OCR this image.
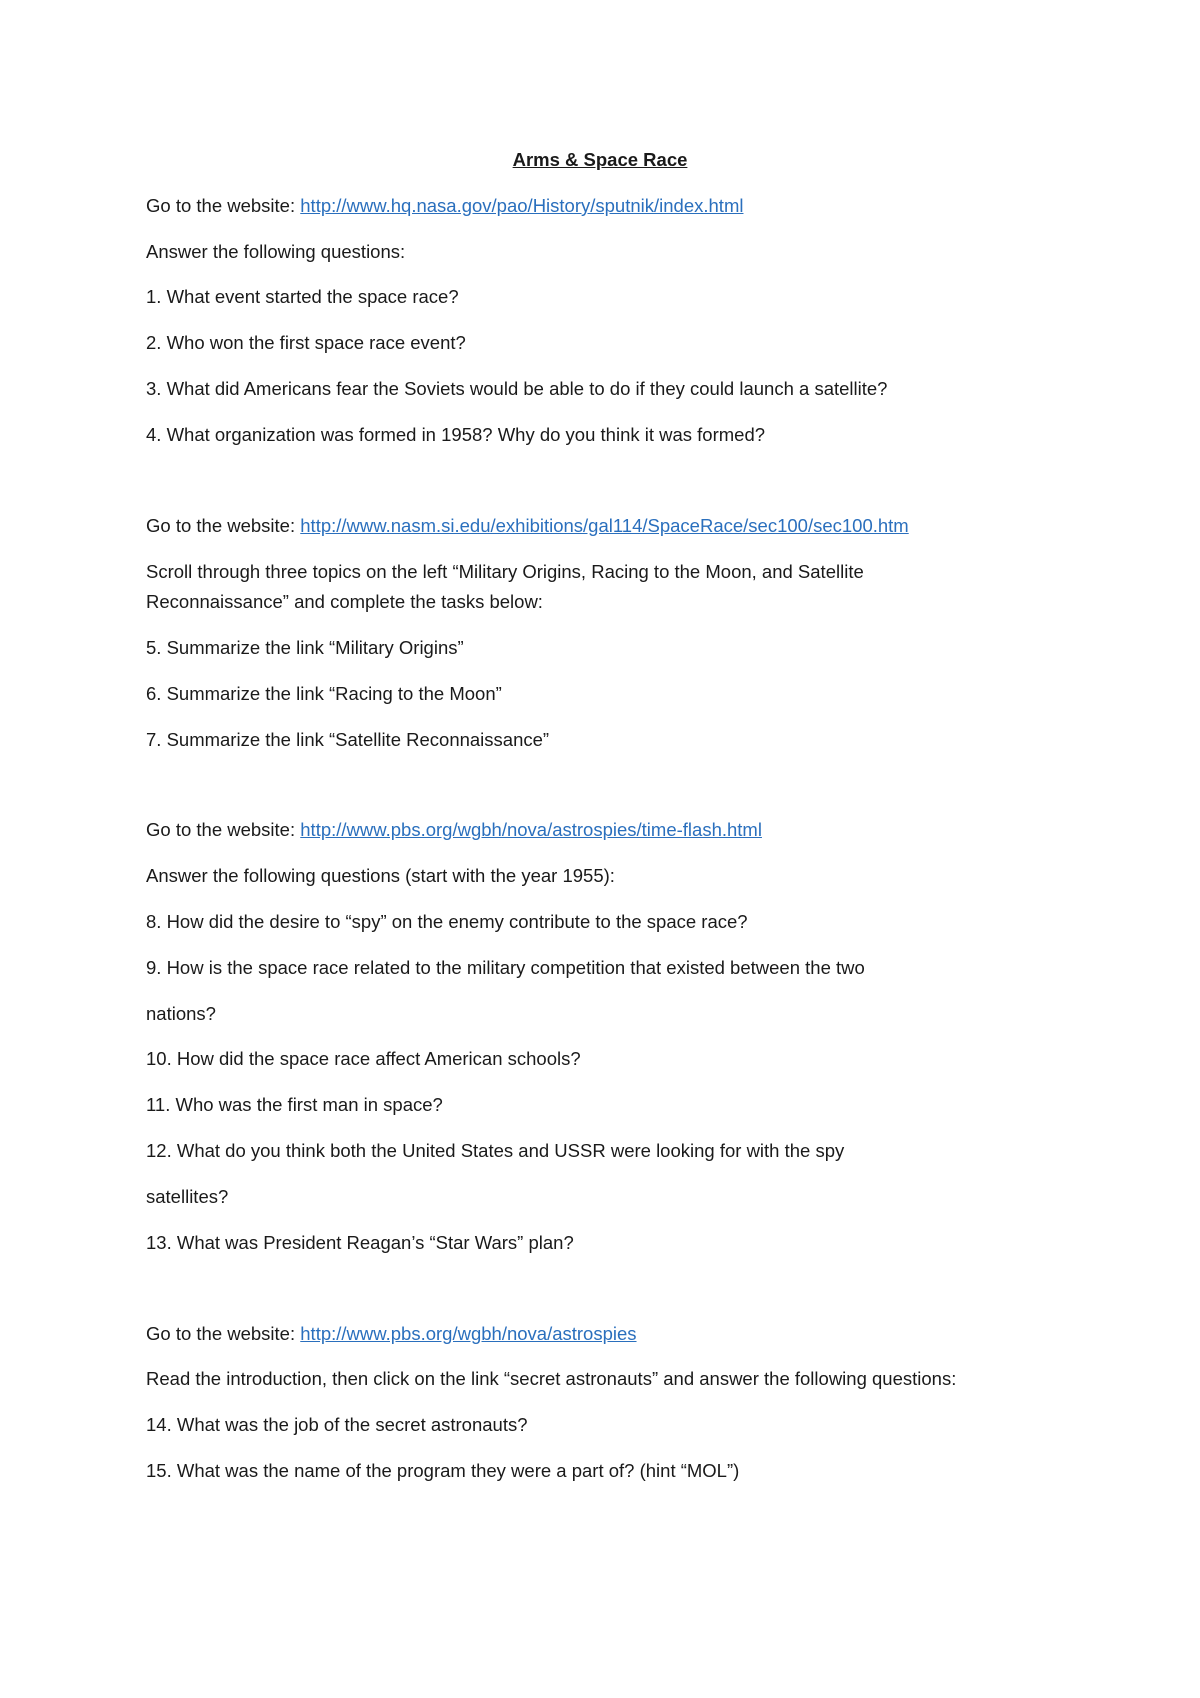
Arms & Space Race
Go to the website: http://www.hq.nasa.gov/pao/History/sputnik/index.html
Answer the following questions:
1. What event started the space race?
2. Who won the first space race event?
3. What did Americans fear the Soviets would be able to do if they could launch a satellite?
4. What organization was formed in 1958? Why do you think it was formed?
Go to the website: http://www.nasm.si.edu/exhibitions/gal114/SpaceRace/sec100/sec100.htm
Scroll through three topics on the left “Military Origins, Racing to the Moon, and Satellite
Reconnaissance” and complete the tasks below:
5. Summarize the link “Military Origins”
6. Summarize the link “Racing to the Moon”
7. Summarize the link “Satellite Reconnaissance”
Go to the website: http://www.pbs.org/wgbh/nova/astrospies/time-flash.html
Answer the following questions (start with the year 1955):
8. How did the desire to “spy” on the enemy contribute to the space race?
9. How is the space race related to the military competition that existed between the two
nations?
10. How did the space race affect American schools?
11. Who was the first man in space?
12. What do you think both the United States and USSR were looking for with the spy
satellites?
13. What was President Reagan’s “Star Wars” plan?
Go to the website: http://www.pbs.org/wgbh/nova/astrospies
Read the introduction, then click on the link “secret astronauts” and answer the following questions:
14. What was the job of the secret astronauts?
15. What was the name of the program they were a part of? (hint “MOL”)
